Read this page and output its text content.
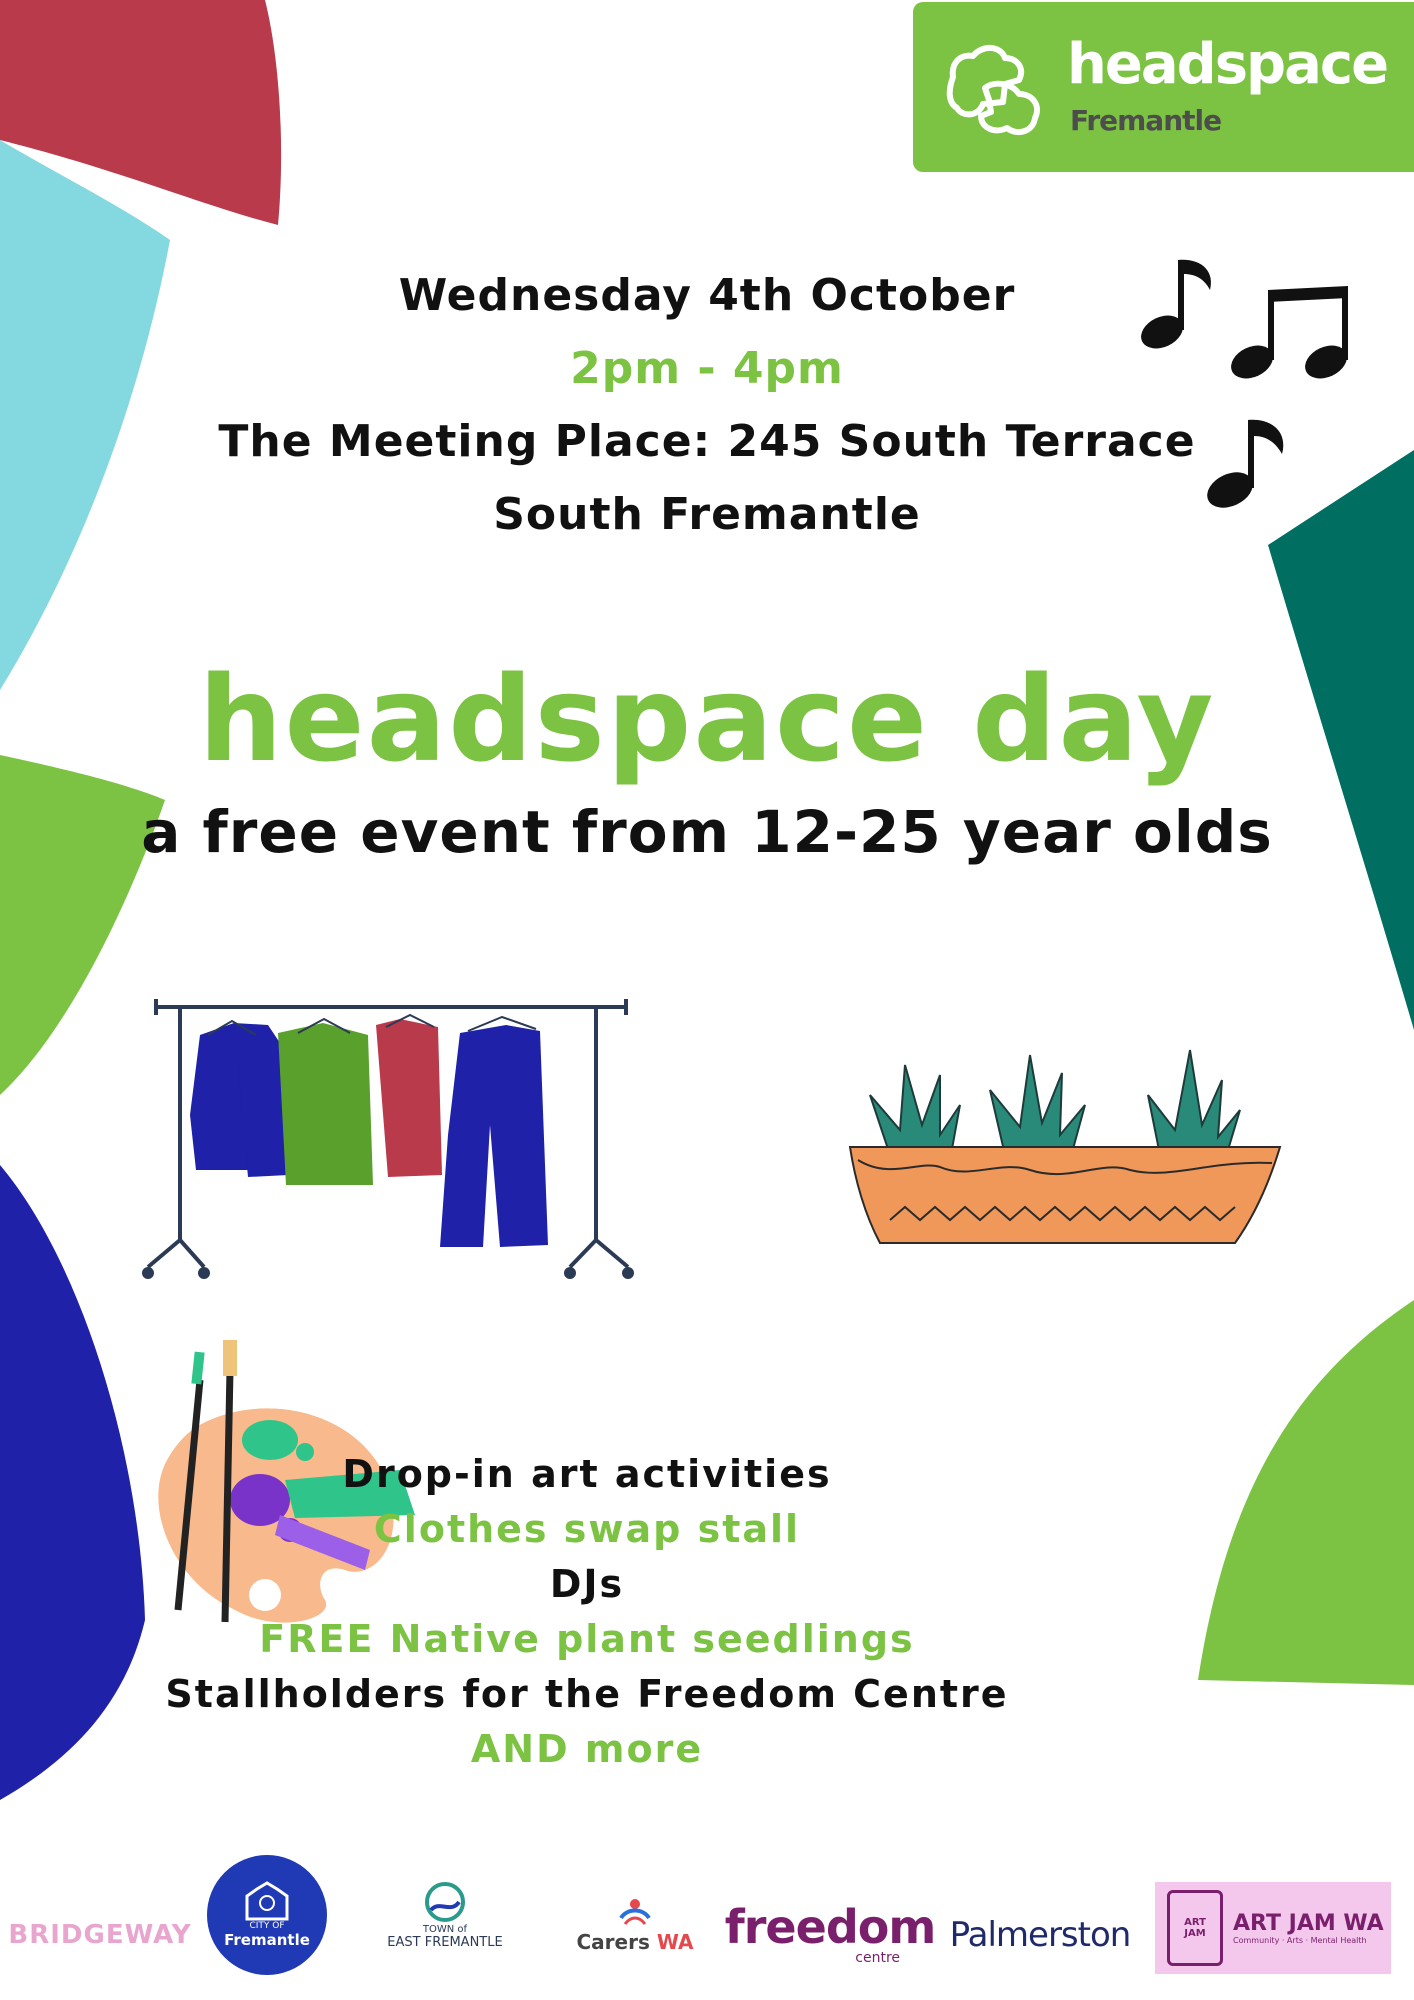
headspace
Fremantle
Wednesday 4th October
2pm - 4pm
The Meeting Place: 245 South Terrace
South Fremantle
headspace day
a free event from 12-25 year olds
Drop-in art activities
Clothes swap stall
DJs
FREE Native plant seedlings
Stallholders for the Freedom Centre
AND more
BRIDGEWAY	CITY OF
Fremantle
TOWN of
EAST FREMANTLE	Carers WA freedom
centre
Palmerston	ART JAM	ART JAM WA
Community · Arts · Mental Health
